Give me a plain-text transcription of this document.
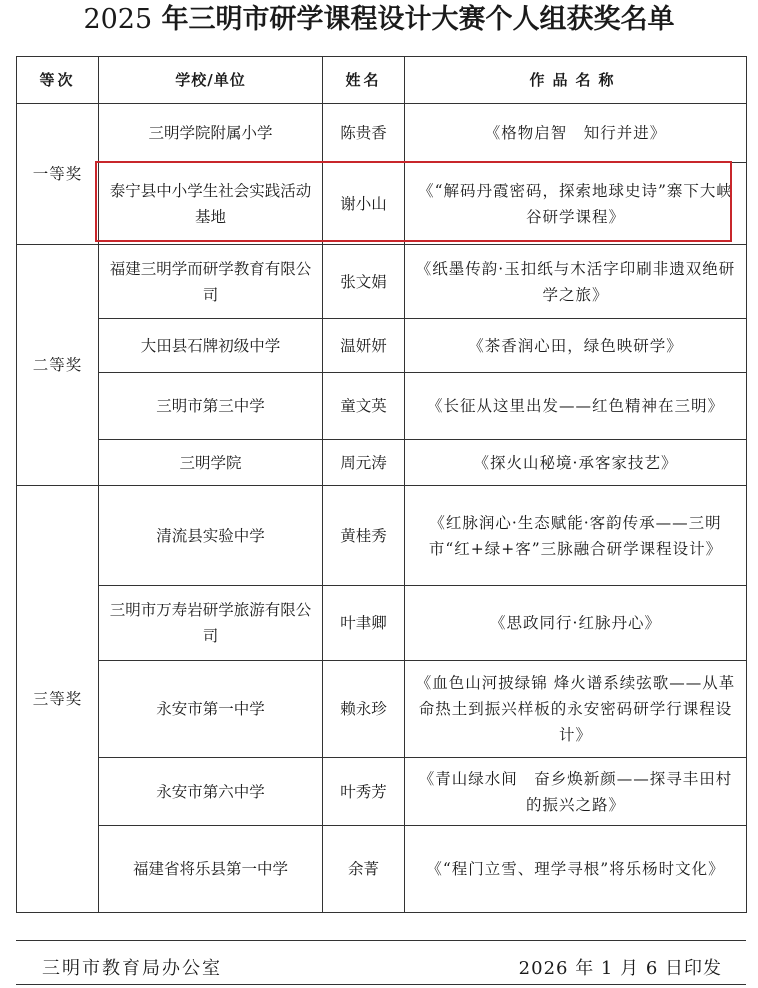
2025 年三明市研学课程设计大赛个人组获奖名单
等次	学校/单位	姓名	作品名称
一等奖	三明学院附属小学	陈贵香	《格物启智　知行并进》
	泰宁县中小学生社会实践活动基地	谢小山	《“解码丹霞密码，探索地球史诗”寨下大峡谷研学课程》
二等奖	福建三明学而研学教育有限公司	张文娟	《纸墨传韵·玉扣纸与木活字印刷非遗双绝研学之旅》
	大田县石牌初级中学	温妍妍	《茶香润心田，绿色映研学》
	三明市第三中学	童文英	《长征从这里出发——红色精神在三明》
	三明学院	周元涛	《探火山秘境·承客家技艺》
三等奖	清流县实验中学	黄桂秀	《红脉润心·生态赋能·客韵传承——三明市“红+绿+客”三脉融合研学课程设计》
	三明市万寿岩研学旅游有限公司	叶聿卿	《思政同行·红脉丹心》
	永安市第一中学	赖永珍	《血色山河披绿锦 烽火谱系续弦歌——从革命热土到振兴样板的永安密码研学行课程设计》
	永安市第六中学	叶秀芳	《青山绿水间　奋乡焕新颜——探寻丰田村的振兴之路》
	福建省将乐县第一中学	余菁	《“程门立雪、理学寻根”将乐杨时文化》
三明市教育局办公室	2026 年 1 月 6 日印发
